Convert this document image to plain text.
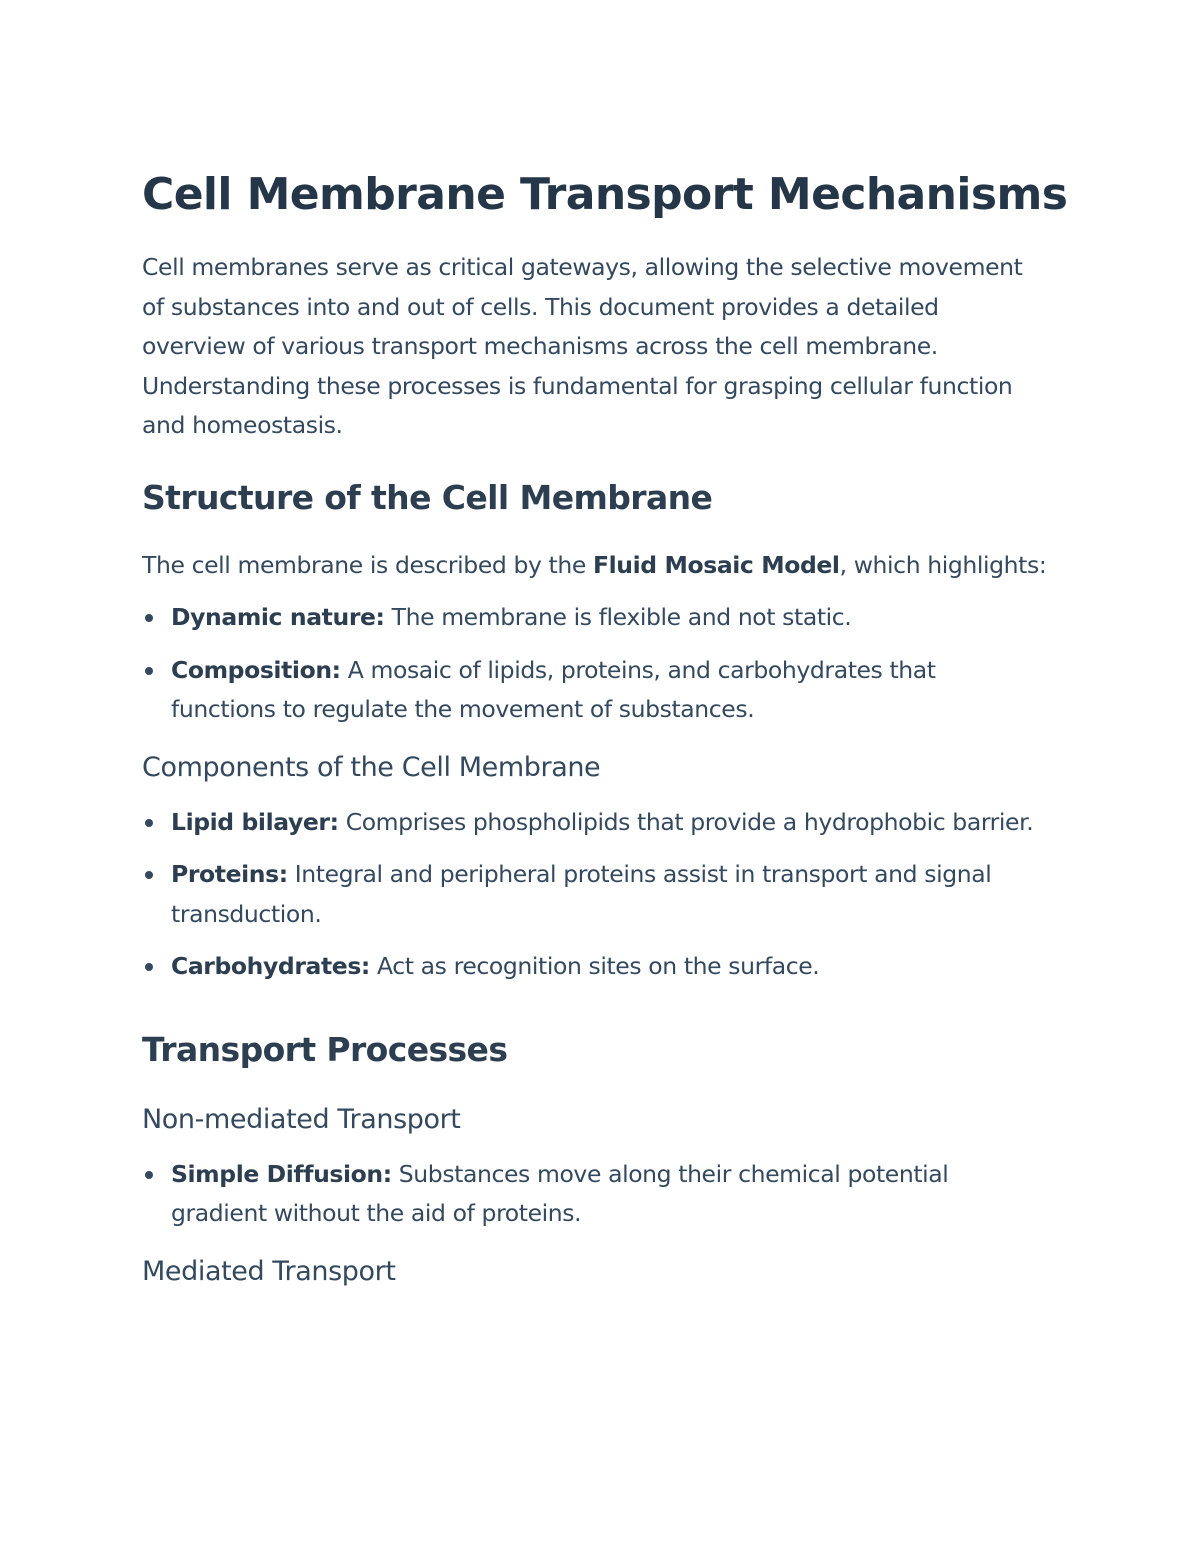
Cell Membrane Transport Mechanisms

Cell membranes serve as critical gateways, allowing the selective movement of substances into and out of cells. This document provides a detailed overview of various transport mechanisms across the cell membrane. Understanding these processes is fundamental for grasping cellular function and homeostasis.

Structure of the Cell Membrane

The cell membrane is described by the Fluid Mosaic Model, which highlights:

Dynamic nature: The membrane is flexible and not static.
Composition: A mosaic of lipids, proteins, and carbohydrates that functions to regulate the movement of substances.
Components of the Cell Membrane
Lipid bilayer: Comprises phospholipids that provide a hydrophobic barrier.
Proteins: Integral and peripheral proteins assist in transport and signal transduction.
Carbohydrates: Act as recognition sites on the surface.
Transport Processes
Non-mediated Transport
Simple Diffusion: Substances move along their chemical potential gradient without the aid of proteins.
Mediated Transport
